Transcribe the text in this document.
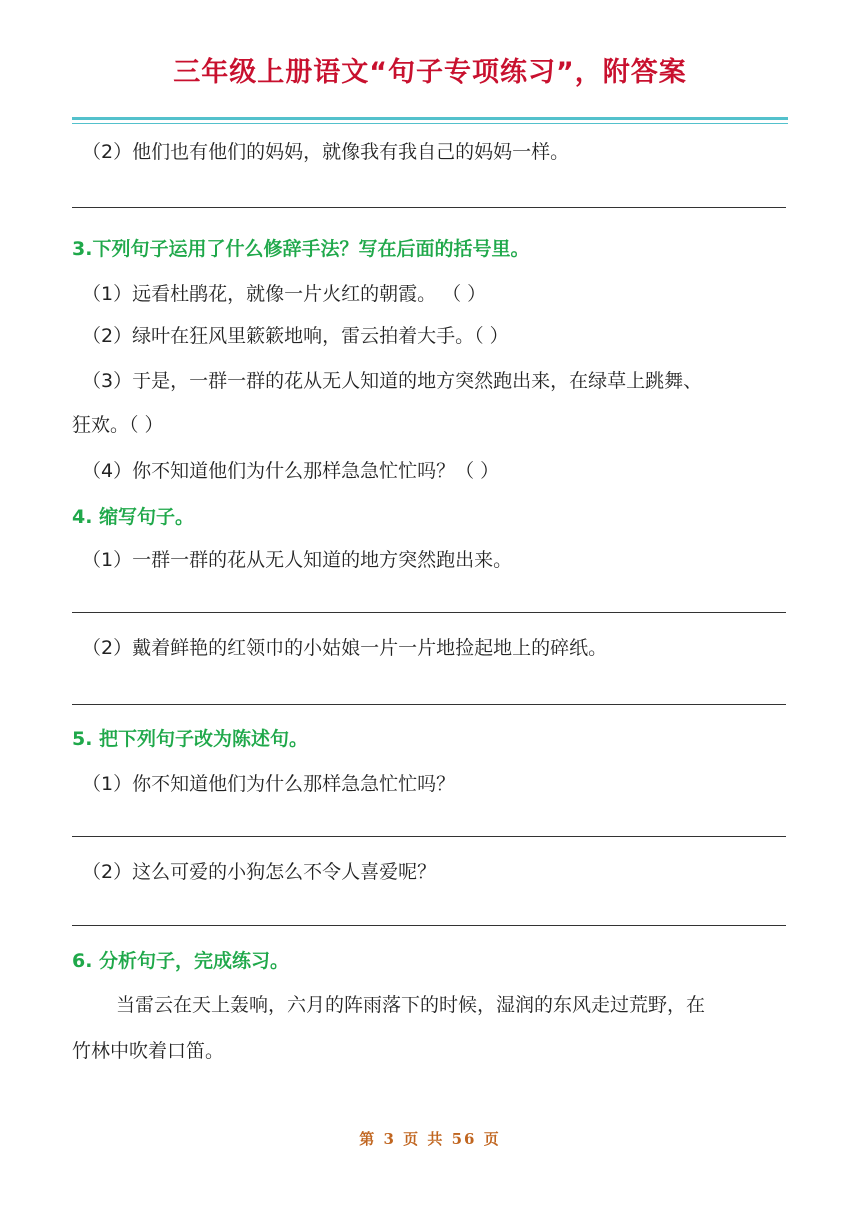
三年级上册语文“句子专项练习”，附答案
（2）他们也有他们的妈妈，就像我有我自己的妈妈一样。
3.下列句子运用了什么修辞手法？写在后面的括号里。
（1）远看杜鹃花，就像一片火红的朝霞。 （ ）
（2）绿叶在狂风里簌簌地响，雷云拍着大手。（ ）
（3）于是，一群一群的花从无人知道的地方突然跑出来，在绿草上跳舞、
狂欢。（ ）
（4）你不知道他们为什么那样急急忙忙吗？（ ）
4. 缩写句子。
（1）一群一群的花从无人知道的地方突然跑出来。
（2）戴着鲜艳的红领巾的小姑娘一片一片地捡起地上的碎纸。
5. 把下列句子改为陈述句。
（1）你不知道他们为什么那样急急忙忙吗？
（2）这么可爱的小狗怎么不令人喜爱呢？
6. 分析句子，完成练习。
当雷云在天上轰响，六月的阵雨落下的时候，湿润的东风走过荒野，在
竹林中吹着口笛。
第 3 页 共 56 页
